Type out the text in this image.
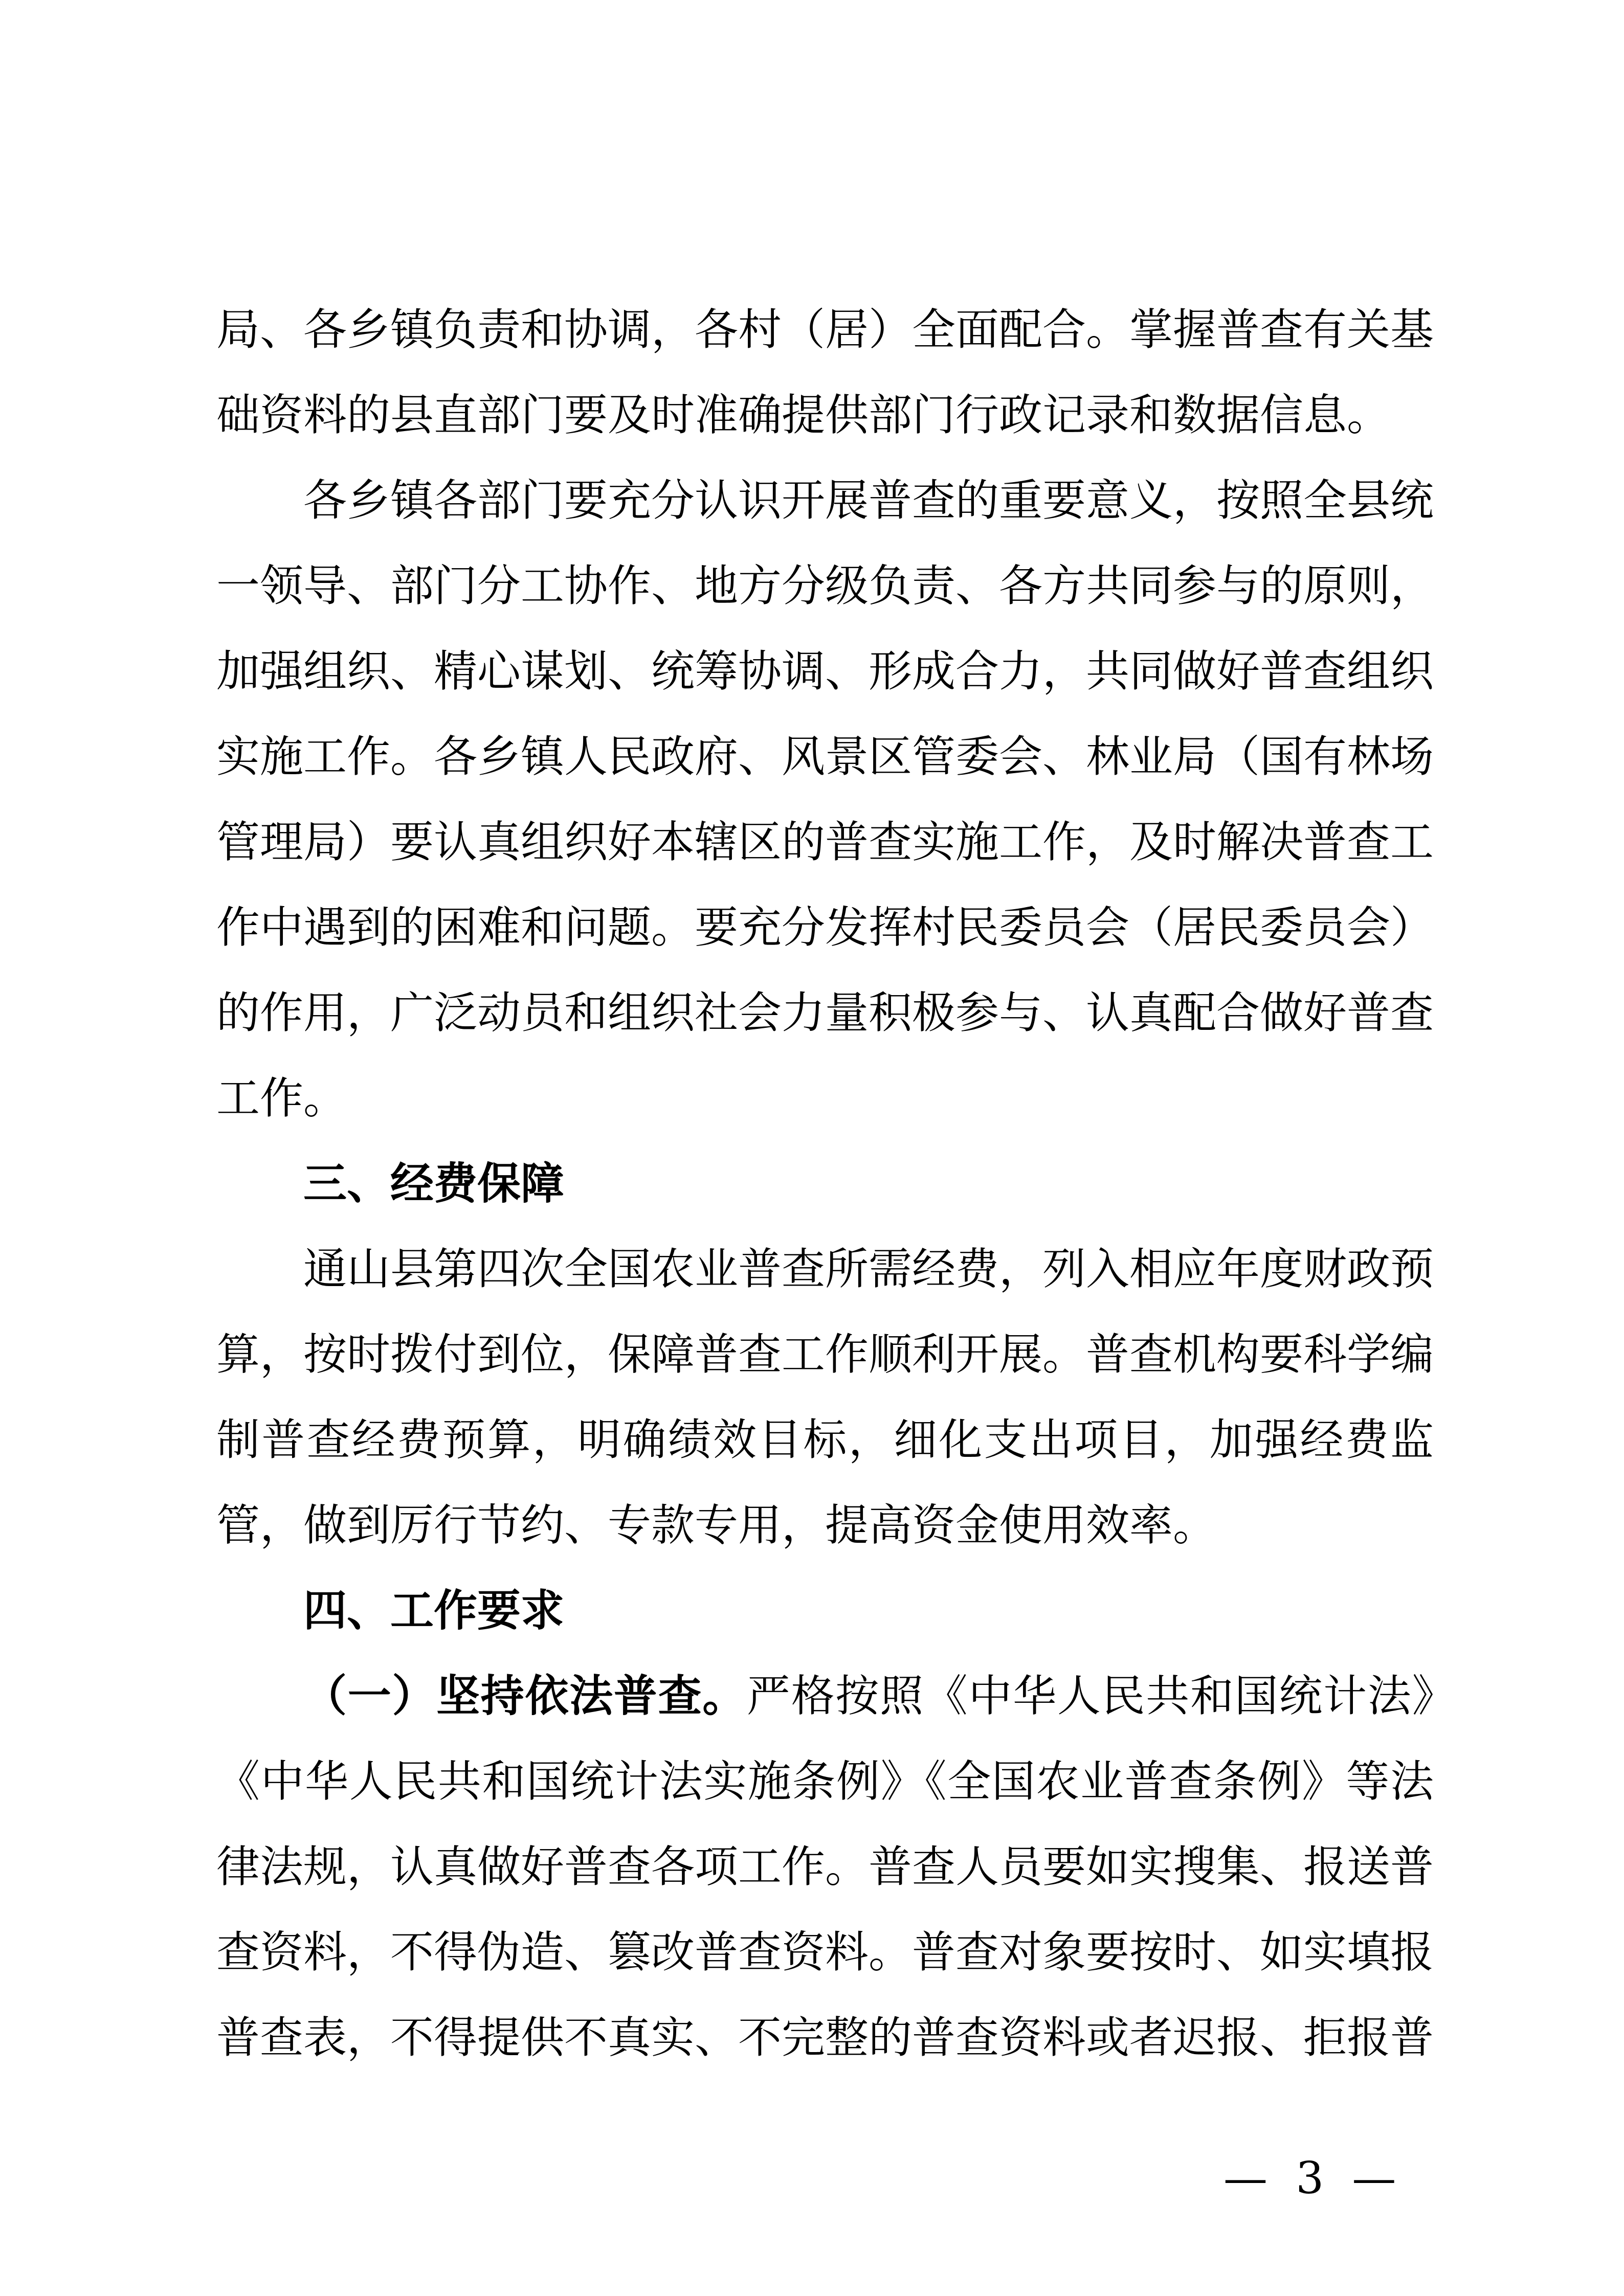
局、各乡镇负责和协调，各村（居）全面配合。掌握普查有关基础资料的县直部门要及时准确提供部门行政记录和数据信息。

各乡镇各部门要充分认识开展普查的重要意义，按照全县统一领导、部门分工协作、地方分级负责、各方共同参与的原则，加强组织、精心谋划、统筹协调、形成合力，共同做好普查组织实施工作。各乡镇人民政府、风景区管委会、林业局（国有林场管理局）要认真组织好本辖区的普查实施工作，及时解决普查工作中遇到的困难和问题。要充分发挥村民委员会（居民委员会）的作用，广泛动员和组织社会力量积极参与、认真配合做好普查工作。

三、经费保障

通山县第四次全国农业普查所需经费，列入相应年度财政预算，按时拨付到位，保障普查工作顺利开展。普查机构要科学编制普查经费预算，明确绩效目标，细化支出项目，加强经费监管，做到厉行节约、专款专用，提高资金使用效率。

四、工作要求

（一）坚持依法普查。严格按照《中华人民共和国统计法》《中华人民共和国统计法实施条例》《全国农业普查条例》等法律法规，认真做好普查各项工作。普查人员要如实搜集、报送普查资料，不得伪造、篡改普查资料。普查对象要按时、如实填报普查表，不得提供不真实、不完整的普查资料或者迟报、拒报普

— 3 —
